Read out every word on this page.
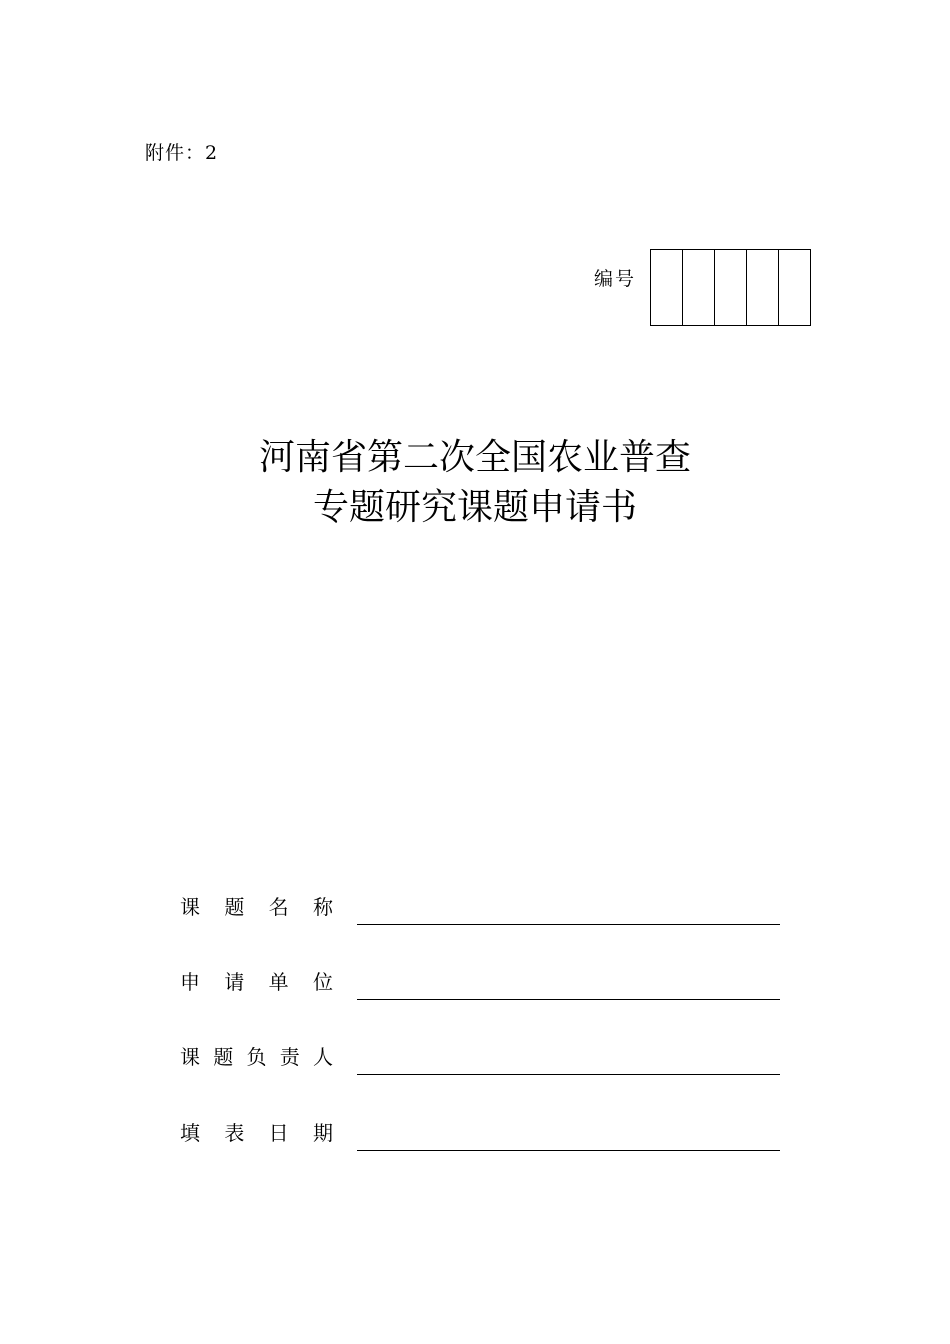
附件：2
编号
河南省第二次全国农业普查
专题研究课题申请书
课 题 名 称
申 请 单 位
课 题 负 责 人
填 表 日 期
